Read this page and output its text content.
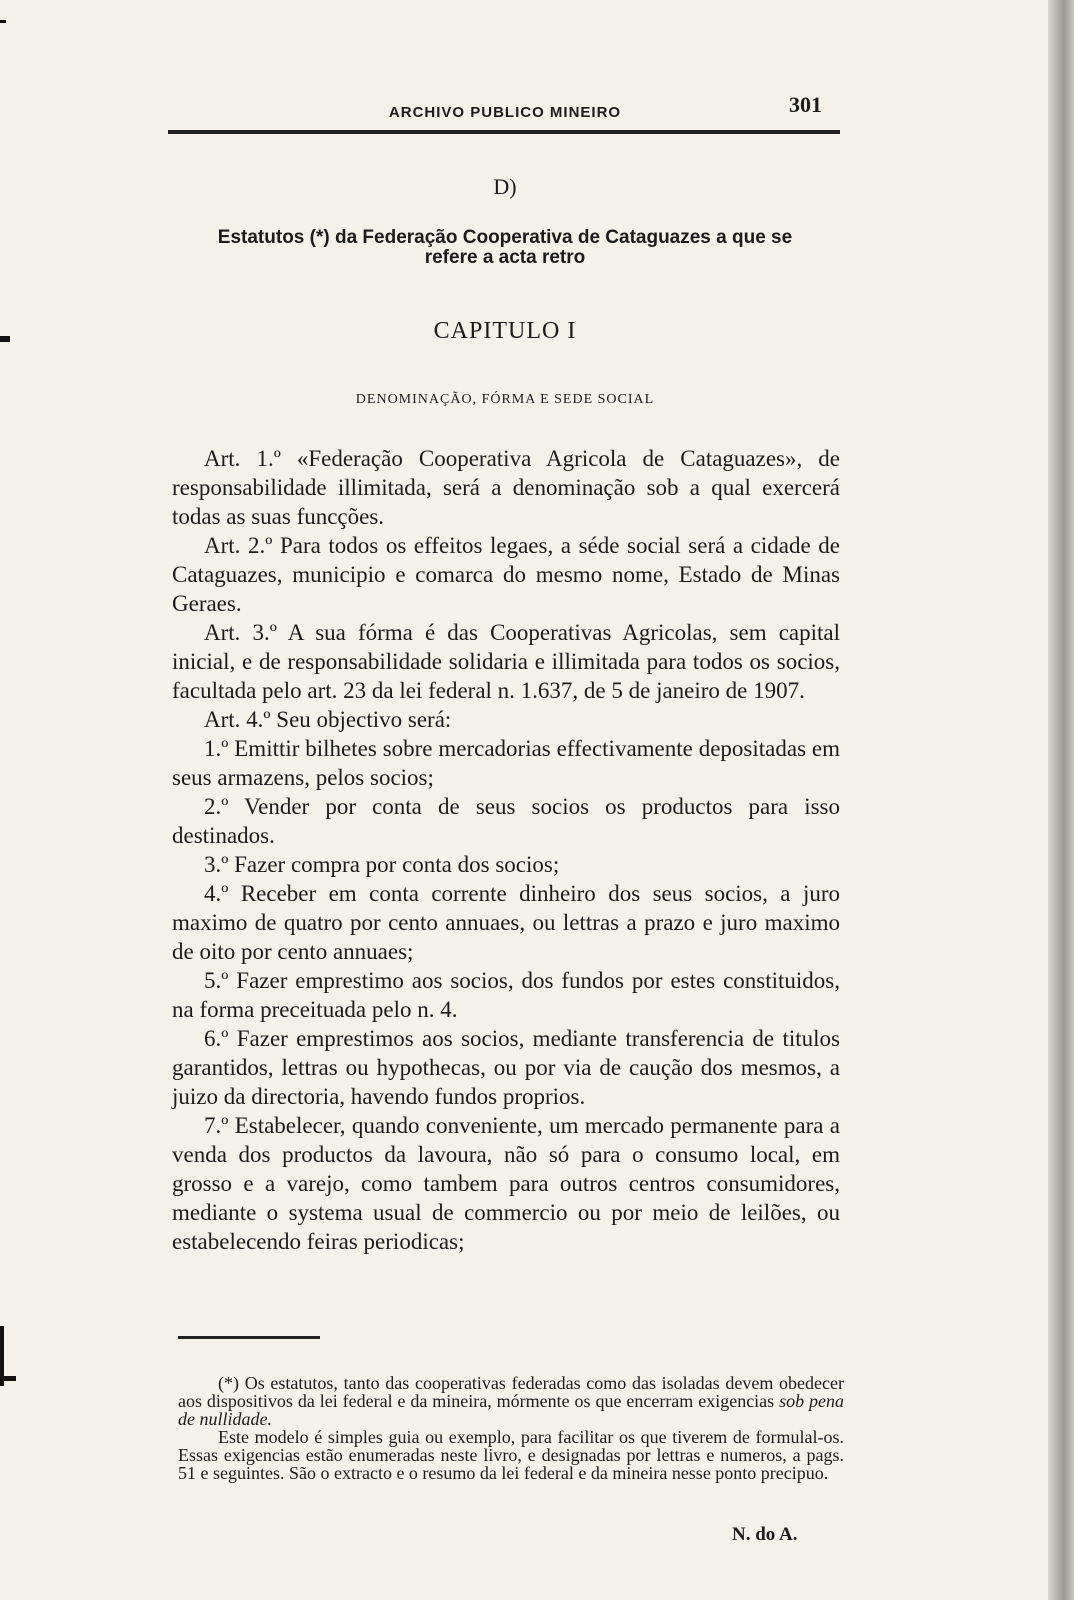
ARCHIVO PUBLICO MINEIRO	301
D)
Estatutos (*) da Federação Cooperativa de Cataguazes a que se
refere a acta retro
CAPITULO I
DENOMINAÇÃO, FÓRMA E SEDE SOCIAL

Art. 1.º «Federação Cooperativa Agricola de Cataguazes», de responsabilidade illimitada, será a denominação sob a qual exercerá todas as suas funcções.

Art. 2.º Para todos os effeitos legaes, a séde social será a cidade de Cataguazes, municipio e comarca do mesmo nome, Estado de Minas Geraes.

Art. 3.º A sua fórma é das Cooperativas Agricolas, sem capital inicial, e de responsabilidade solidaria e illimitada para todos os socios, facultada pelo art. 23 da lei federal n. 1.637, de 5 de janeiro de 1907.

Art. 4.º Seu objectivo será:

1.º Emittir bilhetes sobre mercadorias effectivamente depositadas em seus armazens, pelos socios;

2.º Vender por conta de seus socios os productos para isso destinados.

3.º Fazer compra por conta dos socios;

4.º Receber em conta corrente dinheiro dos seus socios, a juro maximo de quatro por cento annuaes, ou lettras a prazo e juro maximo de oito por cento annuaes;

5.º Fazer emprestimo aos socios, dos fundos por estes constituidos, na forma preceituada pelo n. 4.

6.º Fazer emprestimos aos socios, mediante transferencia de titulos garantidos, lettras ou hypothecas, ou por via de caução dos mesmos, a juizo da directoria, havendo fundos proprios.

7.º Estabelecer, quando conveniente, um mercado permanente para a venda dos productos da lavoura, não só para o consumo local, em grosso e a varejo, como tambem para outros centros consumidores, mediante o systema usual de commercio ou por meio de leilões, ou estabelecendo feiras periodicas;

(*) Os estatutos, tanto das cooperativas federadas como das isoladas devem obedecer aos dispositivos da lei federal e da mineira, mórmente os que encerram exigencias sob pena de nullidade.

Este modelo é simples guia ou exemplo, para facilitar os que tiverem de formulal-os. Essas exigencias estão enumeradas neste livro, e designadas por lettras e numeros, a pags. 51 e seguintes. São o extracto e o resumo da lei federal e da mineira nesse ponto precipuo.

N. do A.
